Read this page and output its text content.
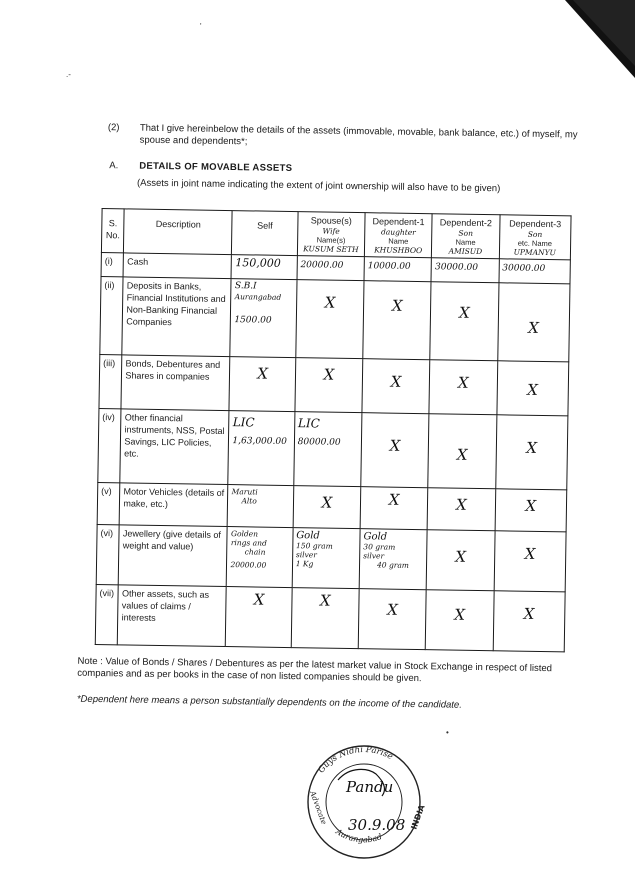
'
.-
(2) That I give hereinbelow the details of the assets (immovable, movable, bank balance, etc.) of myself, my spouse and dependents*;
A. DETAILS OF MOVABLE ASSETS
(Assets in joint name indicating the extent of joint ownership will also have to be given)
S. No.	Description	Self	Spouse(s)
Wife
Name(s)
KUSUM SETH	Dependent-1
daughter
Name
KHUSHBOO	Dependent-2
Son
Name
AMISUD	Dependent-3
Son
etc. Name
UPMANYU

(i)	Cash	150,000	20000.00	10000.00	30000.00	30000.00
(ii)	Deposits in Banks, Financial Institutions and Non-Banking Financial Companies	S.B.I
Aurangabad
1500.00	X	X	X	X

(iii)	Bonds, Debentures and Shares in companies	X	X	X	X	X

(iv)	Other financial instruments, NSS, Postal Savings, LIC Policies, etc.	LIC
1,63,000.00	LIC
80000.00	X	X	X

(v)	Motor Vehicles (details of make, etc.)	Maruti
Alto	X	X	X	X

(vi)	Jewellery (give details of weight and value)	Golden
rings and
chain
20000.00	Gold
150 gram
silver
1 Kg	Gold
30 gram
silver
40 gram	X	X

(vii)	Other assets, such as values of claims / interests	X	X	X	X	X
Note : Value of Bonds / Shares / Debentures as per the latest market value in Stock Exchange in respect of listed companies and as per books in the case of non listed companies should be given.
*Dependent here means a person substantially dependents on the income of the candidate.
•
Guys Nidhi Parise
Aurangabad
INDIA
Advocate
Pandu
30.9.08
